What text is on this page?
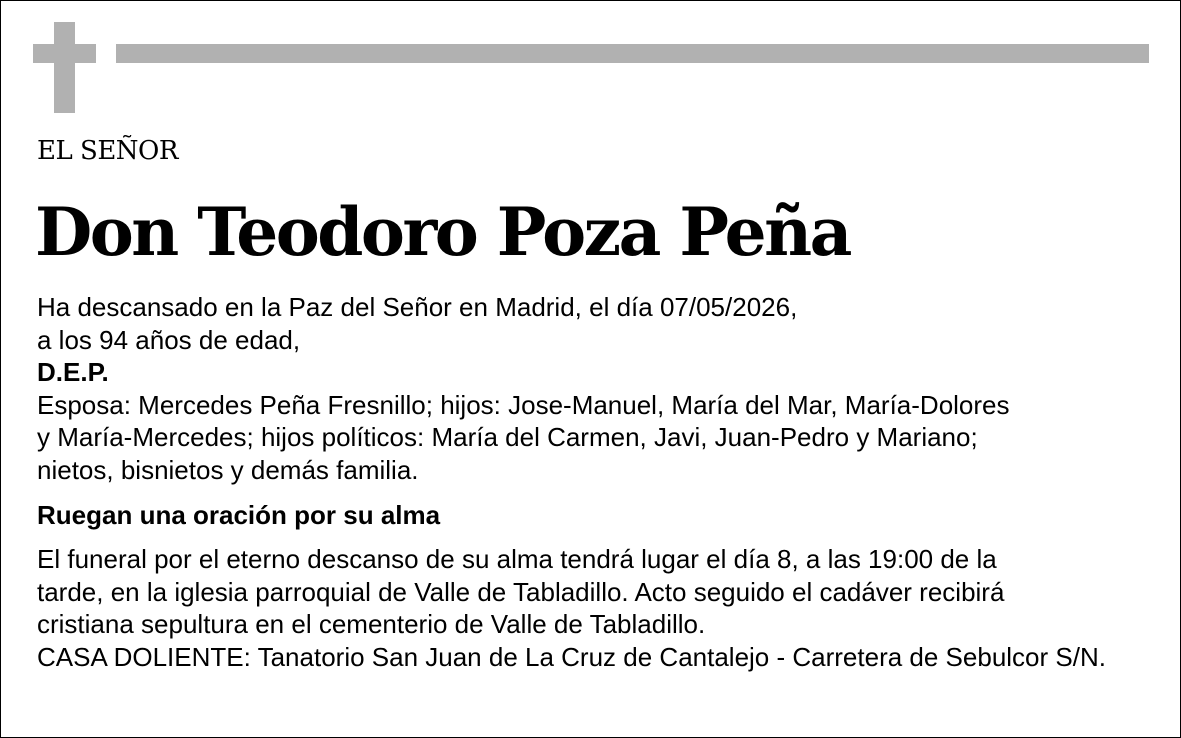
EL SEÑOR
Don Teodoro Poza Peña
Ha descansado en la Paz del Señor en Madrid, el día 07/05/2026,
a los 94 años de edad,
D.E.P.
Esposa: Mercedes Peña Fresnillo; hijos: Jose-Manuel, María del Mar, María-Dolores
y María-Mercedes; hijos políticos: María del Carmen, Javi, Juan-Pedro y Mariano;
nietos, bisnietos y demás familia.
Ruegan una oración por su alma
El funeral por el eterno descanso de su alma tendrá lugar el día 8, a las 19:00 de la
tarde, en la iglesia parroquial de Valle de Tabladillo. Acto seguido el cadáver recibirá
cristiana sepultura en el cementerio de Valle de Tabladillo.
CASA DOLIENTE: Tanatorio San Juan de La Cruz de Cantalejo - Carretera de Sebulcor S/N.
